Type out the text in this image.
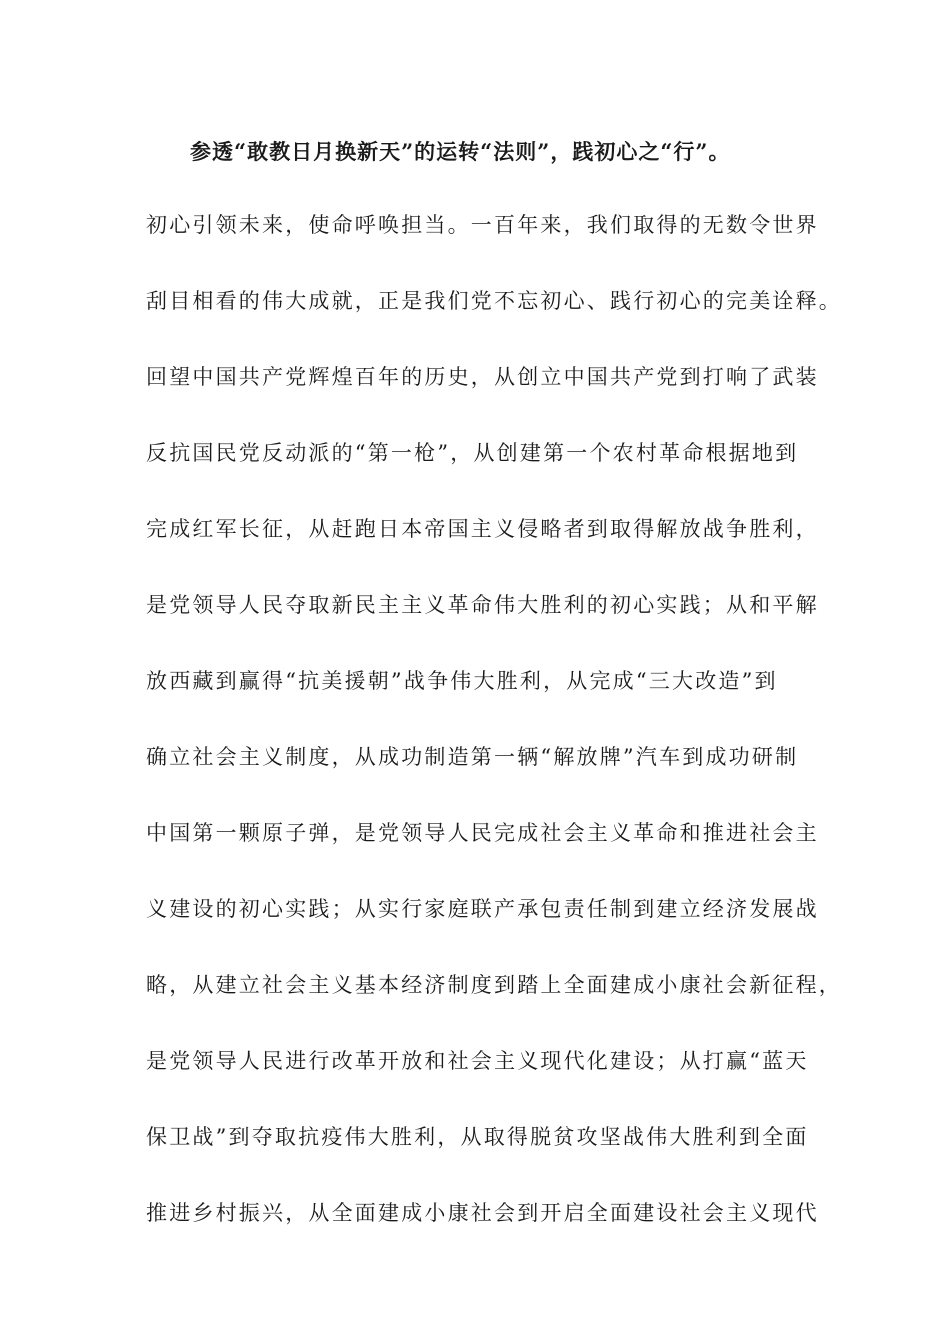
参透“敢教日月换新天”的运转“法则”，践初心之“行”。
初心引领未来，使命呼唤担当。一百年来，我们取得的无数令世界
刮目相看的伟大成就，正是我们党不忘初心、践行初心的完美诠释。
回望中国共产党辉煌百年的历史，从创立中国共产党到打响了武装
反抗国民党反动派的“第一枪”，从创建第一个农村革命根据地到
完成红军长征，从赶跑日本帝国主义侵略者到取得解放战争胜利，
是党领导人民夺取新民主主义革命伟大胜利的初心实践；从和平解
放西藏到赢得“抗美援朝”战争伟大胜利，从完成“三大改造”到
确立社会主义制度，从成功制造第一辆“解放牌”汽车到成功研制
中国第一颗原子弹，是党领导人民完成社会主义革命和推进社会主
义建设的初心实践；从实行家庭联产承包责任制到建立经济发展战
略，从建立社会主义基本经济制度到踏上全面建成小康社会新征程，
是党领导人民进行改革开放和社会主义现代化建设；从打赢“蓝天
保卫战”到夺取抗疫伟大胜利，从取得脱贫攻坚战伟大胜利到全面
推进乡村振兴，从全面建成小康社会到开启全面建设社会主义现代
